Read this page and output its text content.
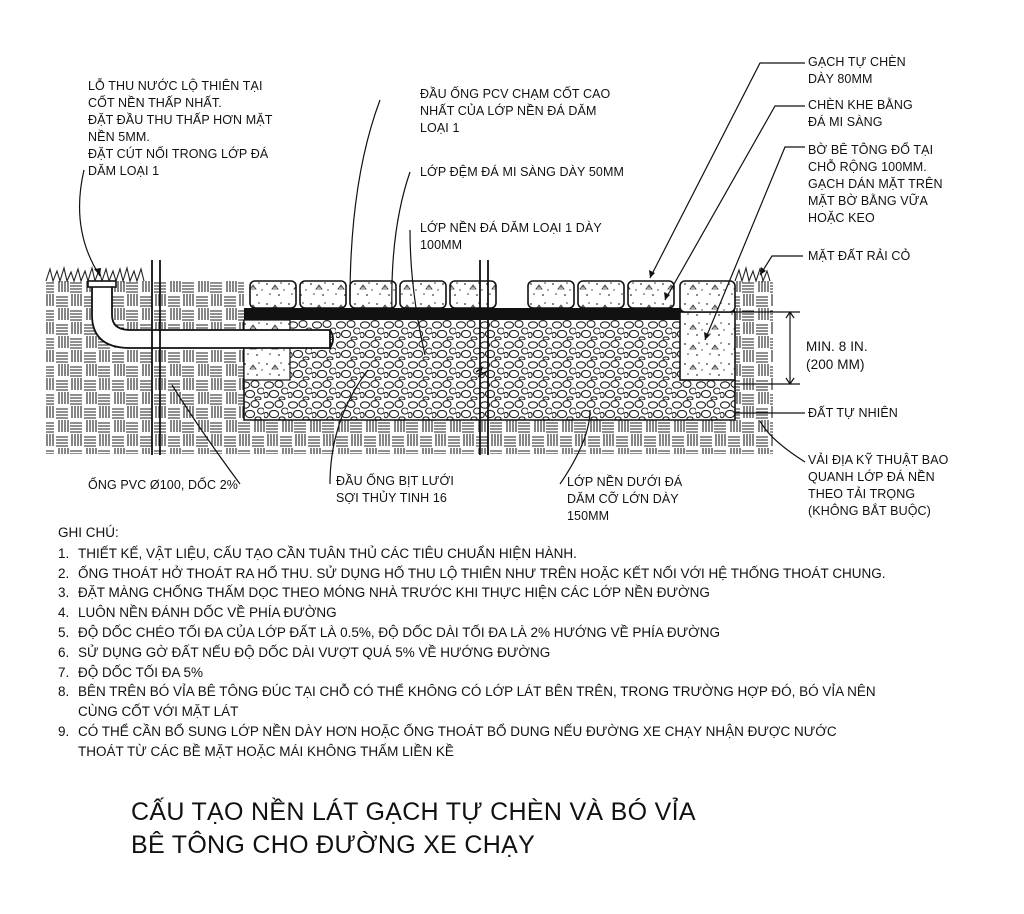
LỖ THU NƯỚC LỘ THIÊN TẠI
CỐT NỀN THẤP NHẤT.
ĐẶT ĐẦU THU THẤP HƠN MẶT
NỀN 5MM.
ĐẶT CÚT NỐI TRONG LỚP ĐÁ
DĂM LOẠI 1
ĐẦU ỐNG PCV CHẠM CỐT CAO
NHẤT CỦA LỚP NỀN ĐÁ DĂM
LOẠI 1
LỚP ĐỆM ĐÁ MI SÀNG DÀY 50MM
LỚP NỀN ĐÁ DĂM LOẠI 1 DÀY
100MM
GẠCH TỰ CHÈN
DÀY 80MM
CHÈN KHE BẰNG
ĐÁ MI SÀNG
BỜ BÊ TÔNG ĐỔ TẠI
CHỖ RỘNG 100MM.
GẠCH DÁN MẶT TRÊN
MẶT BỜ BẰNG VỮA
HOẶC KEO
MẶT ĐẤT RẢI CỎ
MIN. 8 IN.
(200 MM)
ĐẤT TỰ NHIÊN
VẢI ĐỊA KỸ THUẬT BAO
QUANH LỚP ĐÁ NỀN
THEO TẢI TRỌNG
(KHÔNG BẮT BUỘC)
ỐNG PVC Ø100, DỐC 2%	ĐẦU ỐNG BỊT LƯỚI
SỢI THỦY TINH 16
LỚP NỀN DƯỚI ĐÁ
DĂM CỠ LỚN DÀY
150MM
GHI CHÚ:
1. THIẾT KẾ, VẬT LIỆU, CẤU TẠO CẦN TUÂN THỦ CÁC TIÊU CHUẨN HIỆN HÀNH.
2. ỐNG THOÁT HỞ THOÁT RA HỐ THU. SỬ DỤNG HỐ THU LỘ THIÊN NHƯ TRÊN HOẶC KẾT NỐI VỚI HỆ THỐNG THOÁT CHUNG.
3. ĐẶT MÀNG CHỐNG THẤM DỌC THEO MÓNG NHÀ TRƯỚC KHI THỰC HIỆN CÁC LỚP NỀN ĐƯỜNG
4. LUÔN NỀN ĐÁNH DỐC VỀ PHÍA ĐƯỜNG
5. ĐỘ DỐC CHÉO TỐI ĐA CỦA LỚP ĐẤT LÀ 0.5%, ĐỘ DỐC DÀI TỐI ĐA LÀ 2% HƯỚNG VỀ PHÍA ĐƯỜNG
6. SỬ DỤNG GỜ ĐẤT NẾU ĐỘ DỐC DÀI VƯỢT QUÁ 5% VỀ HƯỚNG ĐƯỜNG
7. ĐỘ DỐC TỐI ĐA 5%
8. BÊN TRÊN BÓ VỈA BÊ TÔNG ĐÚC TẠI CHỖ CÓ THỂ KHÔNG CÓ LỚP LÁT BÊN TRÊN, TRONG TRƯỜNG HỢP ĐÓ, BÓ VỈA NÊN
CÙNG CỐT VỚI MẶT LÁT
9. CÓ THỂ CẦN BỔ SUNG LỚP NỀN DÀY HƠN HOẶC ỐNG THOÁT BỔ DUNG NẾU ĐƯỜNG XE CHẠY NHẬN ĐƯỢC NƯỚC
THOÁT TỪ CÁC BỀ MẶT HOẶC MÁI KHÔNG THẤM LIỀN KỀ
CẤU TẠO NỀN LÁT GẠCH TỰ CHÈN VÀ BÓ VỈA
BÊ TÔNG CHO ĐƯỜNG XE CHẠY
